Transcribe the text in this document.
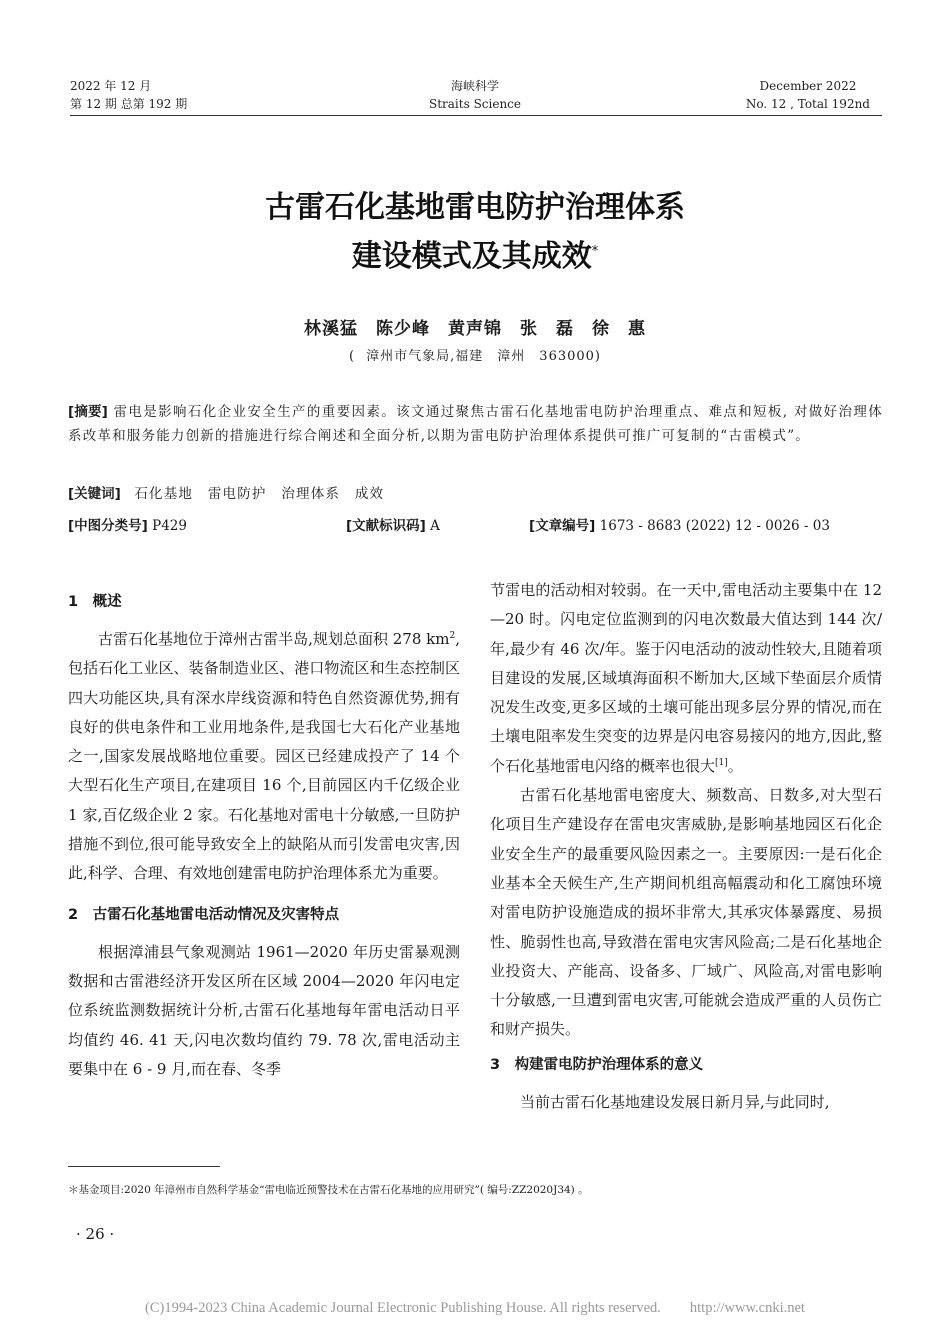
2022 年 12 月
第 12 期 总第 192 期
海峡科学
Straits Science
December 2022
No. 12 , Total 192nd
古雷石化基地雷电防护治理体系
建设模式及其成效*
林溪猛　陈少峰　黄声锦　张　磊　徐　惠
( 漳州市气象局,福建　漳州　363000)
[摘要] 雷电是影响石化企业安全生产的重要因素。该文通过聚焦古雷石化基地雷电防护治理重点、难点和短板, 对做好治理体系改革和服务能力创新的措施进行综合阐述和全面分析,以期为雷电防护治理体系提供可推广可复制的“古雷模式”。
[关键词] 石化基地　雷电防护　治理体系　成效
[中图分类号] P429	[文献标识码] A	[文章编号] 1673 - 8683 (2022) 12 - 0026 - 03
1　概述

古雷石化基地位于漳州古雷半岛,规划总面积 278 $km^2$,包括石化工业区、装备制造业区、港口物流区和生态控制区四大功能区块,具有深水岸线资源和特色自然资源优势,拥有良好的供电条件和工业用地条件,是我国七大石化产业基地之一,国家发展战略地位重要。园区已经建成投产了 14 个大型石化生产项目,在建项目 16 个,目前园区内千亿级企业 1 家,百亿级企业 2 家。石化基地对雷电十分敏感,一旦防护措施不到位,很可能导致安全上的缺陷从而引发雷电灾害,因此,科学、合理、有效地创建雷电防护治理体系尤为重要。

2　古雷石化基地雷电活动情况及灾害特点

根据漳浦县气象观测站 1961—2020 年历史雷暴观测数据和古雷港经济开发区所在区域 2004—2020 年闪电定位系统监测数据统计分析,古雷石化基地每年雷电活动日平均值约 46. 41 天,闪电次数均值约 79. 78 次,雷电活动主要集中在 6 - 9 月,而在春、冬季

节雷电的活动相对较弱。在一天中,雷电活动主要集中在 12—20 时。闪电定位监测到的闪电次数最大值达到 144 次/年,最少有 46 次/年。鉴于闪电活动的波动性较大,且随着项目建设的发展,区域填海面积不断加大,区域下垫面层介质情况发生改变,更多区域的土壤可能出现多层分界的情况,而在土壤电阻率发生突变的边界是闪电容易接闪的地方,因此,整个石化基地雷电闪络的概率也很大[1]。

古雷石化基地雷电密度大、频数高、日数多,对大型石化项目生产建设存在雷电灾害威胁,是影响基地园区石化企业安全生产的最重要风险因素之一。主要原因:一是石化企业基本全天候生产,生产期间机组高幅震动和化工腐蚀环境对雷电防护设施造成的损坏非常大,其承灾体暴露度、易损性、脆弱性也高,导致潜在雷电灾害风险高;二是石化基地企业投资大、产能高、设备多、厂域广、风险高,对雷电影响十分敏感,一旦遭到雷电灾害,可能就会造成严重的人员伤亡和财产损失。

3　构建雷电防护治理体系的意义

当前古雷石化基地建设发展日新月异,与此同时,

＊基金项目:2020 年漳州市自然科学基金“雷电临近预警技术在古雷石化基地的应用研究”( 编号:ZZ2020J34) 。
· 26 ·
(C)1994-2023 China Academic Journal Electronic Publishing House. All rights reserved.　　http://www.cnki.net
